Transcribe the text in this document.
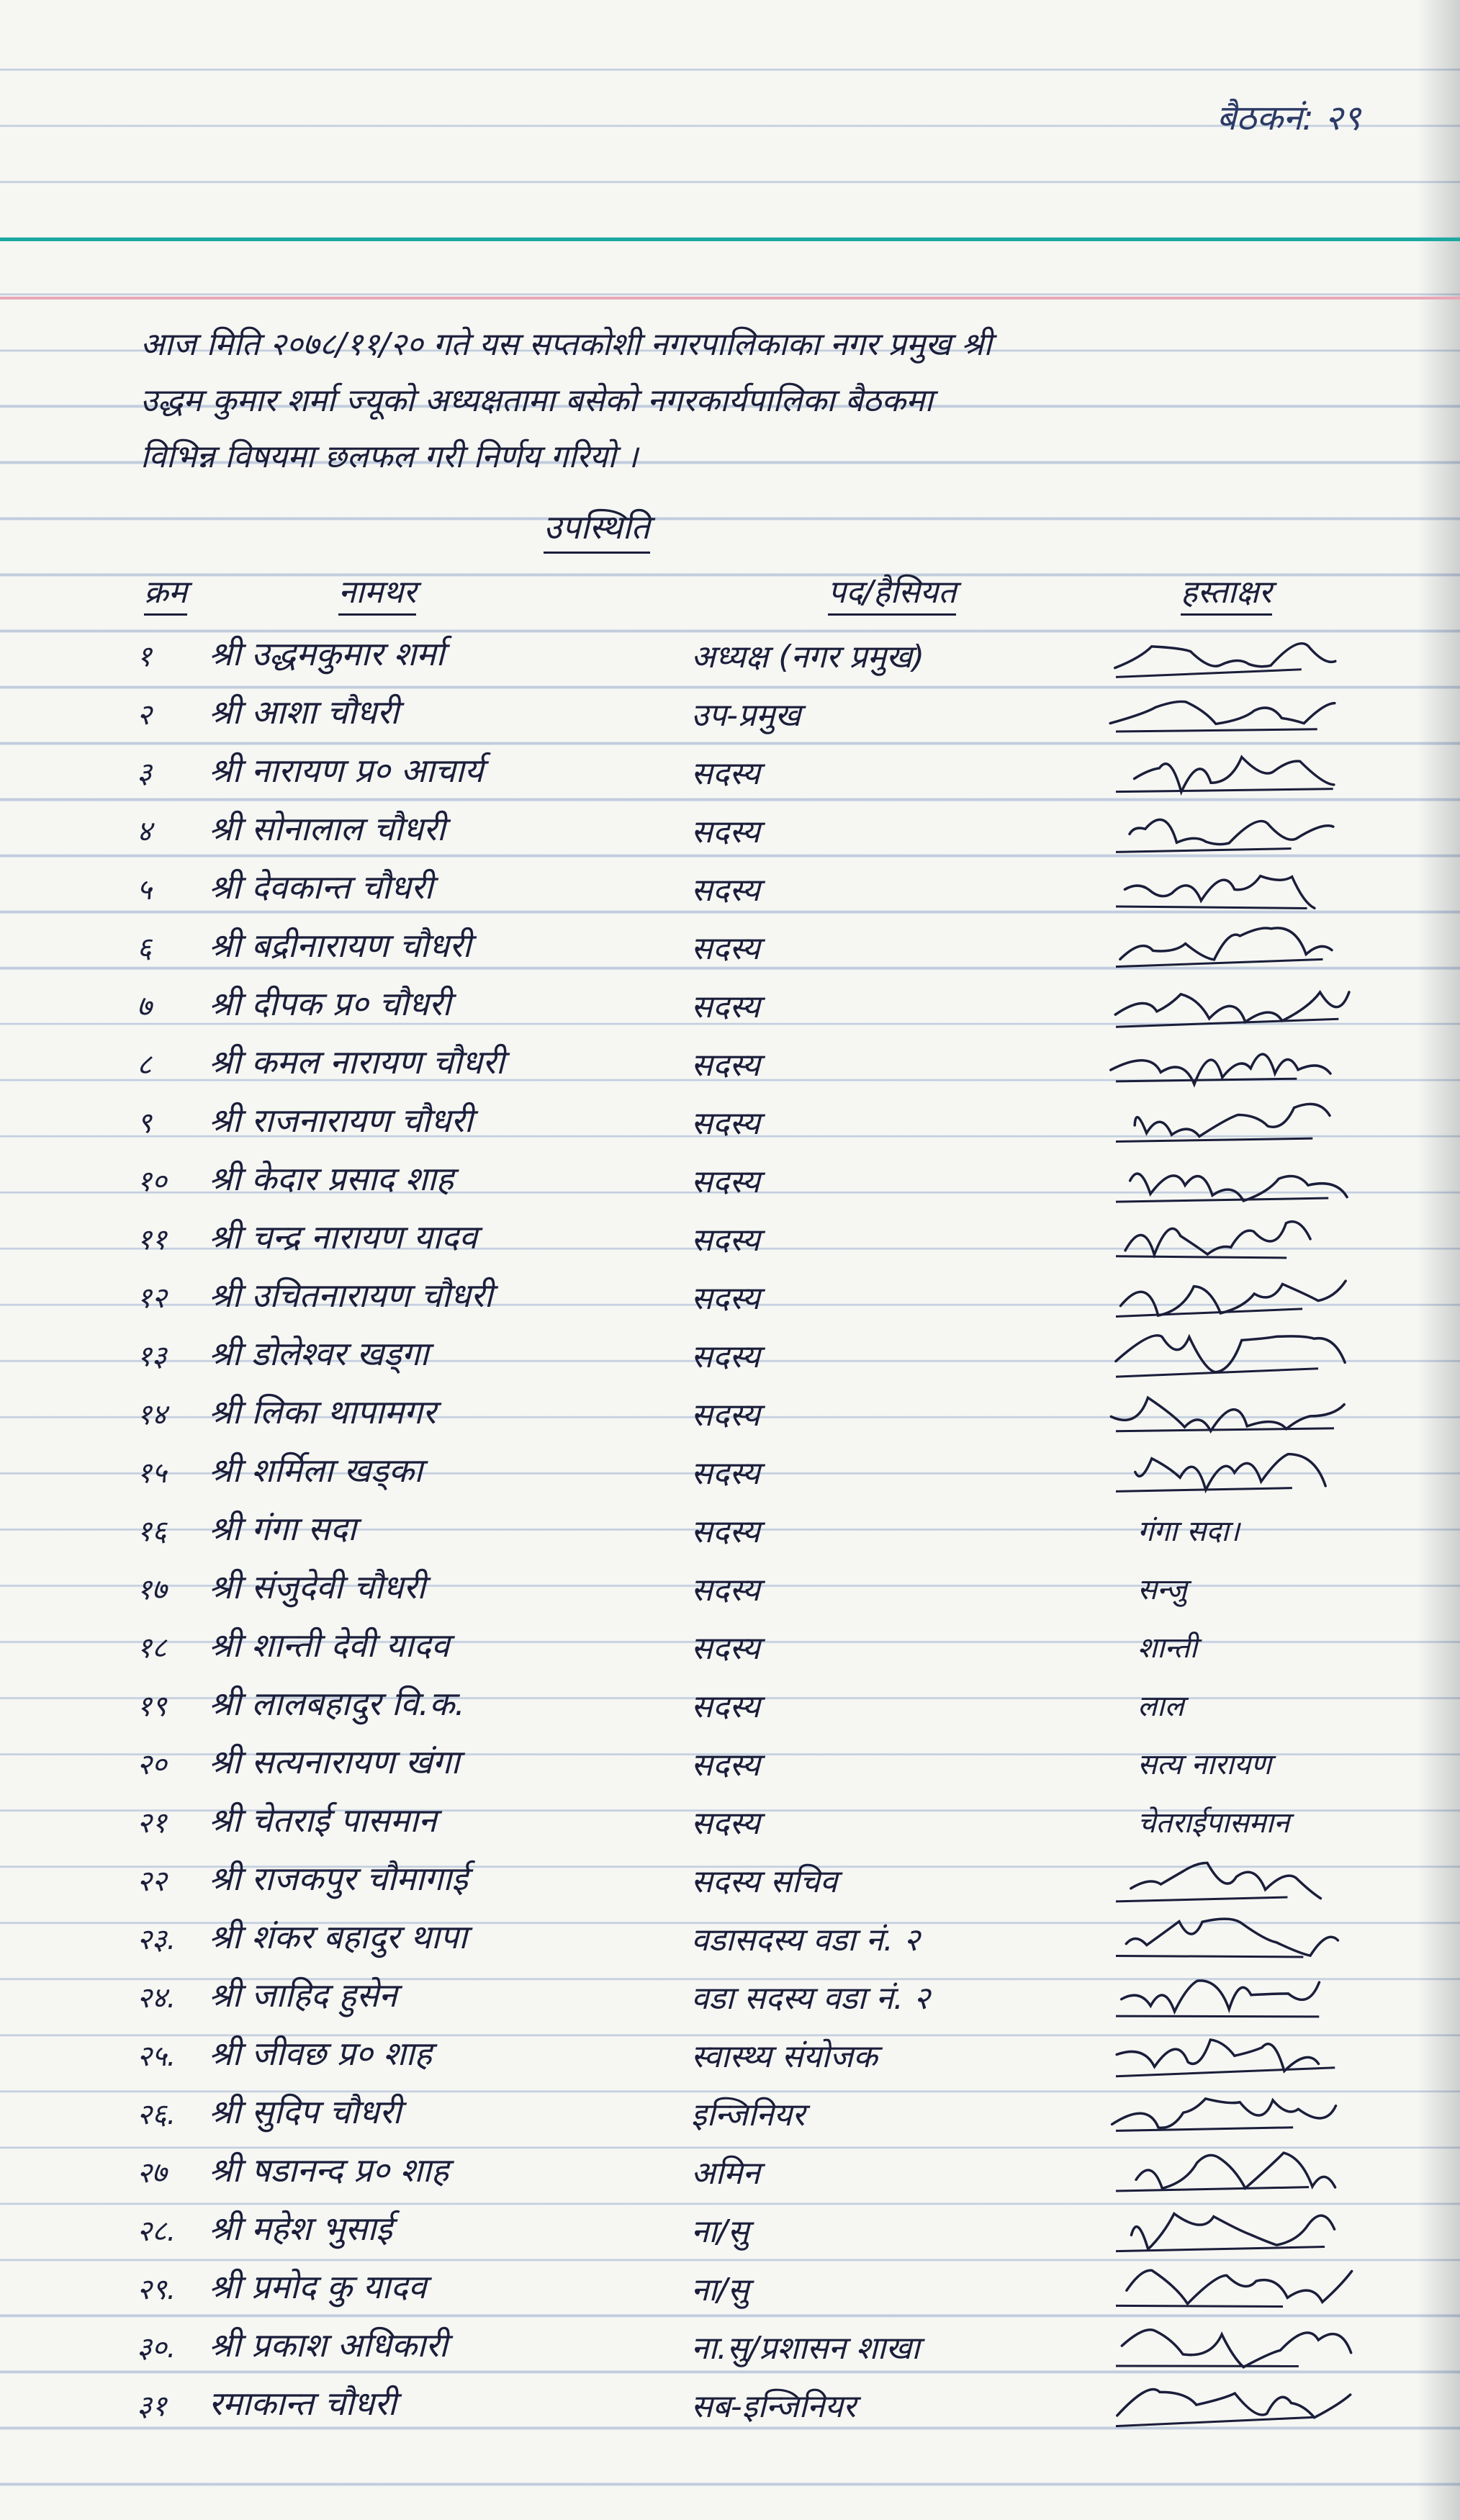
बैठकनं: २९
आज मिति २०७८/११/२० गते यस सप्तकोशी नगरपालिकाका नगर प्रमुख श्री
उद्धम कुमार शर्मा ज्यूको अध्यक्षतामा बसेको नगरकार्यपालिका बैठकमा
विभिन्न विषयमा छलफल गरी निर्णय गरियो ।
उपस्थिति
क्रम	नामथर	पद/हैसियत	हस्ताक्षर
१	श्री उद्धमकुमार शर्मा	अध्यक्ष (नगर प्रमुख)
२	श्री आशा चौधरी	उप-प्रमुख
३	श्री नारायण प्र० आचार्य	सदस्य
४	श्री सोनालाल चौधरी	सदस्य
५	श्री देवकान्त चौधरी	सदस्य
६	श्री बद्रीनारायण चौधरी	सदस्य
७	श्री दीपक प्र० चौधरी	सदस्य
८	श्री कमल नारायण चौधरी	सदस्य
९	श्री राजनारायण चौधरी	सदस्य
१०	श्री केदार प्रसाद शाह	सदस्य
११	श्री चन्द्र नारायण यादव	सदस्य
१२	श्री उचितनारायण चौधरी	सदस्य
१३	श्री डोलेश्वर खड्गा	सदस्य
१४	श्री लिका थापामगर	सदस्य
१५	श्री शर्मिला खड्का	सदस्य
१६	श्री गंगा सदा	सदस्य	गंगा सदा।
१७	श्री संजुदेवी चौधरी	सदस्य	सन्जु
१८	श्री शान्ती देवी यादव	सदस्य	शान्ती
१९	श्री लालबहादुर वि.क.	सदस्य	लाल
२०	श्री सत्यनारायण खंगा	सदस्य	सत्य नारायण
२१	श्री चेतराई पासमान	सदस्य	चेतराईपासमान
२२	श्री राजकपुर चौमागाई	सदस्य सचिव
२३. श्री शंकर बहादुर थापा	वडासदस्य वडा नं. २
२४. श्री जाहिद हुसेन	वडा सदस्य वडा नं. २
२५. श्री जीवछ प्र० शाह	स्वास्थ्य संयोजक
२६. श्री सुदिप चौधरी	इन्जिनियर
२७	श्री षडानन्द प्र० शाह	अमिन
२८. श्री महेश भुसाई	ना/सु
२९. श्री प्रमोद कु यादव	ना/सु
३०. श्री प्रकाश अधिकारी	ना.सु/प्रशासन शाखा
३१	रमाकान्त चौधरी	सब-इन्जिनियर
